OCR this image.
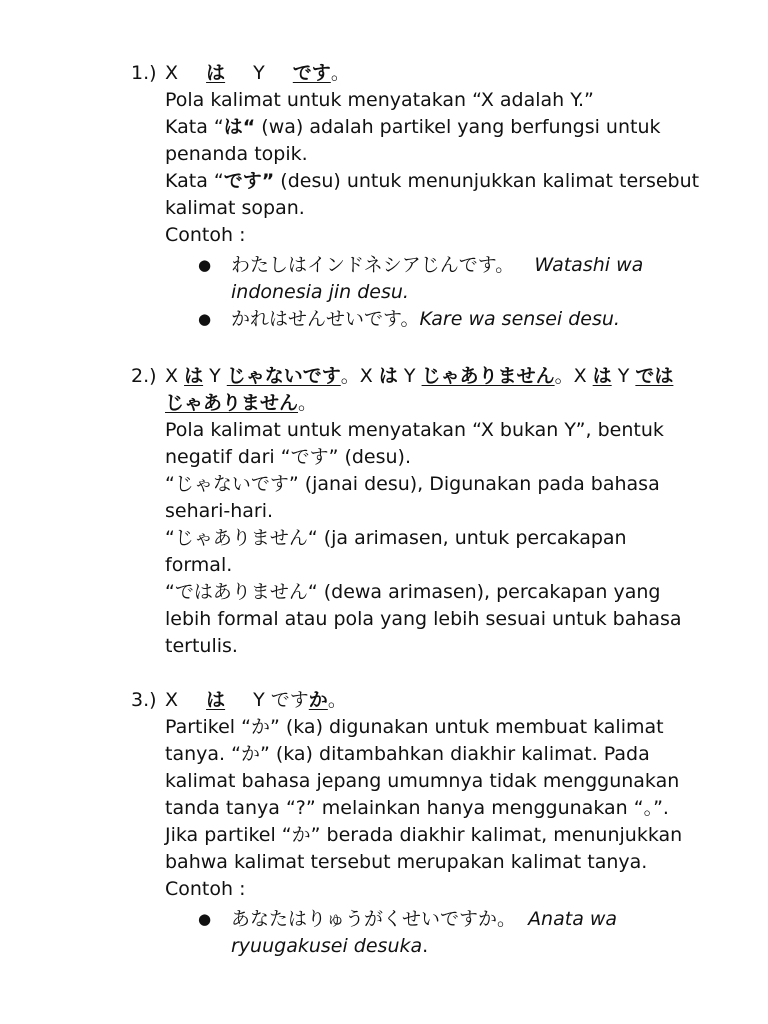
1.) X は Y です。
Pola kalimat untuk menyatakan “X adalah Y.”
Kata “は“ (wa) adalah partikel yang berfungsi untuk
penanda topik.
Kata “です” (desu) untuk menunjukkan kalimat tersebut
kalimat sopan.
Contoh :
● わたしはインドネシアじんです。 Watashi wa
indonesia jin desu.
● かれはせんせいです。Kare wa sensei desu.
2.) X は Y じゃないです。X は Y じゃありません。X は Y では
じゃありません。
Pola kalimat untuk menyatakan “X bukan Y”, bentuk
negatif dari “です” (desu).
“じゃないです” (janai desu), Digunakan pada bahasa
sehari-hari.
“じゃありません“ (ja arimasen, untuk percakapan
formal.
“ではありません“ (dewa arimasen), percakapan yang
lebih formal atau pola yang lebih sesuai untuk bahasa
tertulis.
3.) X は Y ですか。
Partikel “か” (ka) digunakan untuk membuat kalimat
tanya. “か” (ka) ditambahkan diakhir kalimat. Pada
kalimat bahasa jepang umumnya tidak menggunakan
tanda tanya “?” melainkan hanya menggunakan “。”.
Jika partikel “か” berada diakhir kalimat, menunjukkan
bahwa kalimat tersebut merupakan kalimat tanya.
Contoh :
● あなたはりゅうがくせいですか。 Anata wa
ryuugakusei desuka.
